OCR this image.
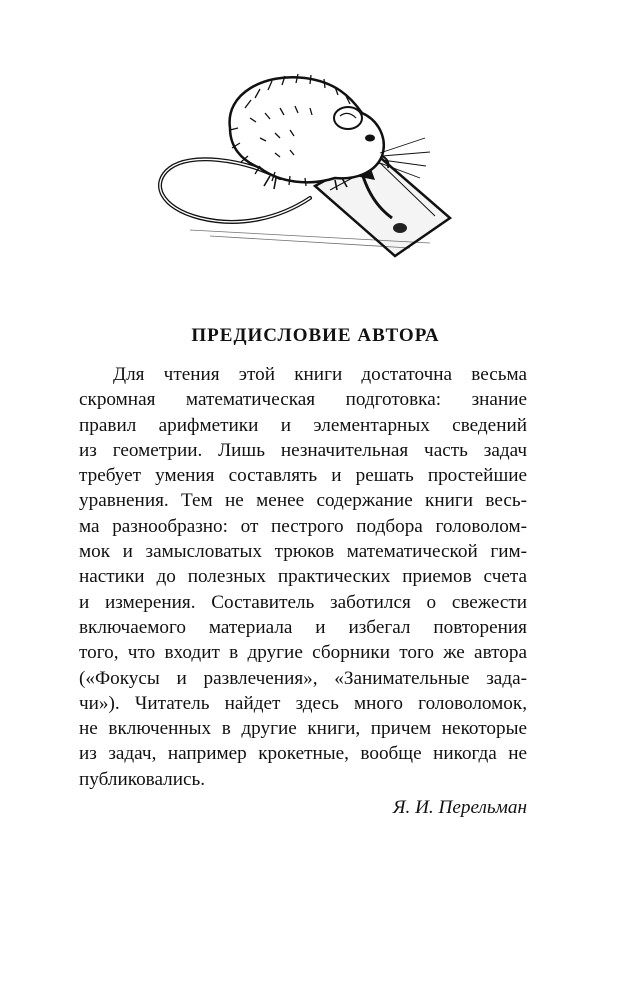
ПРЕДИСЛОВИЕ АВТОРА
Для чтения этой книги достаточна весьма
скромная математическая подготовка: знание
правил арифметики и элементарных сведений
из геометрии. Лишь незначительная часть задач
требует умения составлять и решать простейшие
уравнения. Тем не менее содержание книги весь-
ма разнообразно: от пестрого подбора головолом-
мок и замысловатых трюков математической гим-
настики до полезных практических приемов счета
и измерения. Составитель заботился о свежести
включаемого материала и избегал повторения
того, что входит в другие сборники того же автора
(«Фокусы и развлечения», «Занимательные зада-
чи»). Читатель найдет здесь много головоломок,
не включенных в другие книги, причем некоторые
из задач, например крокетные, вообще никогда не
публиковались.
Я. И. Перельман
